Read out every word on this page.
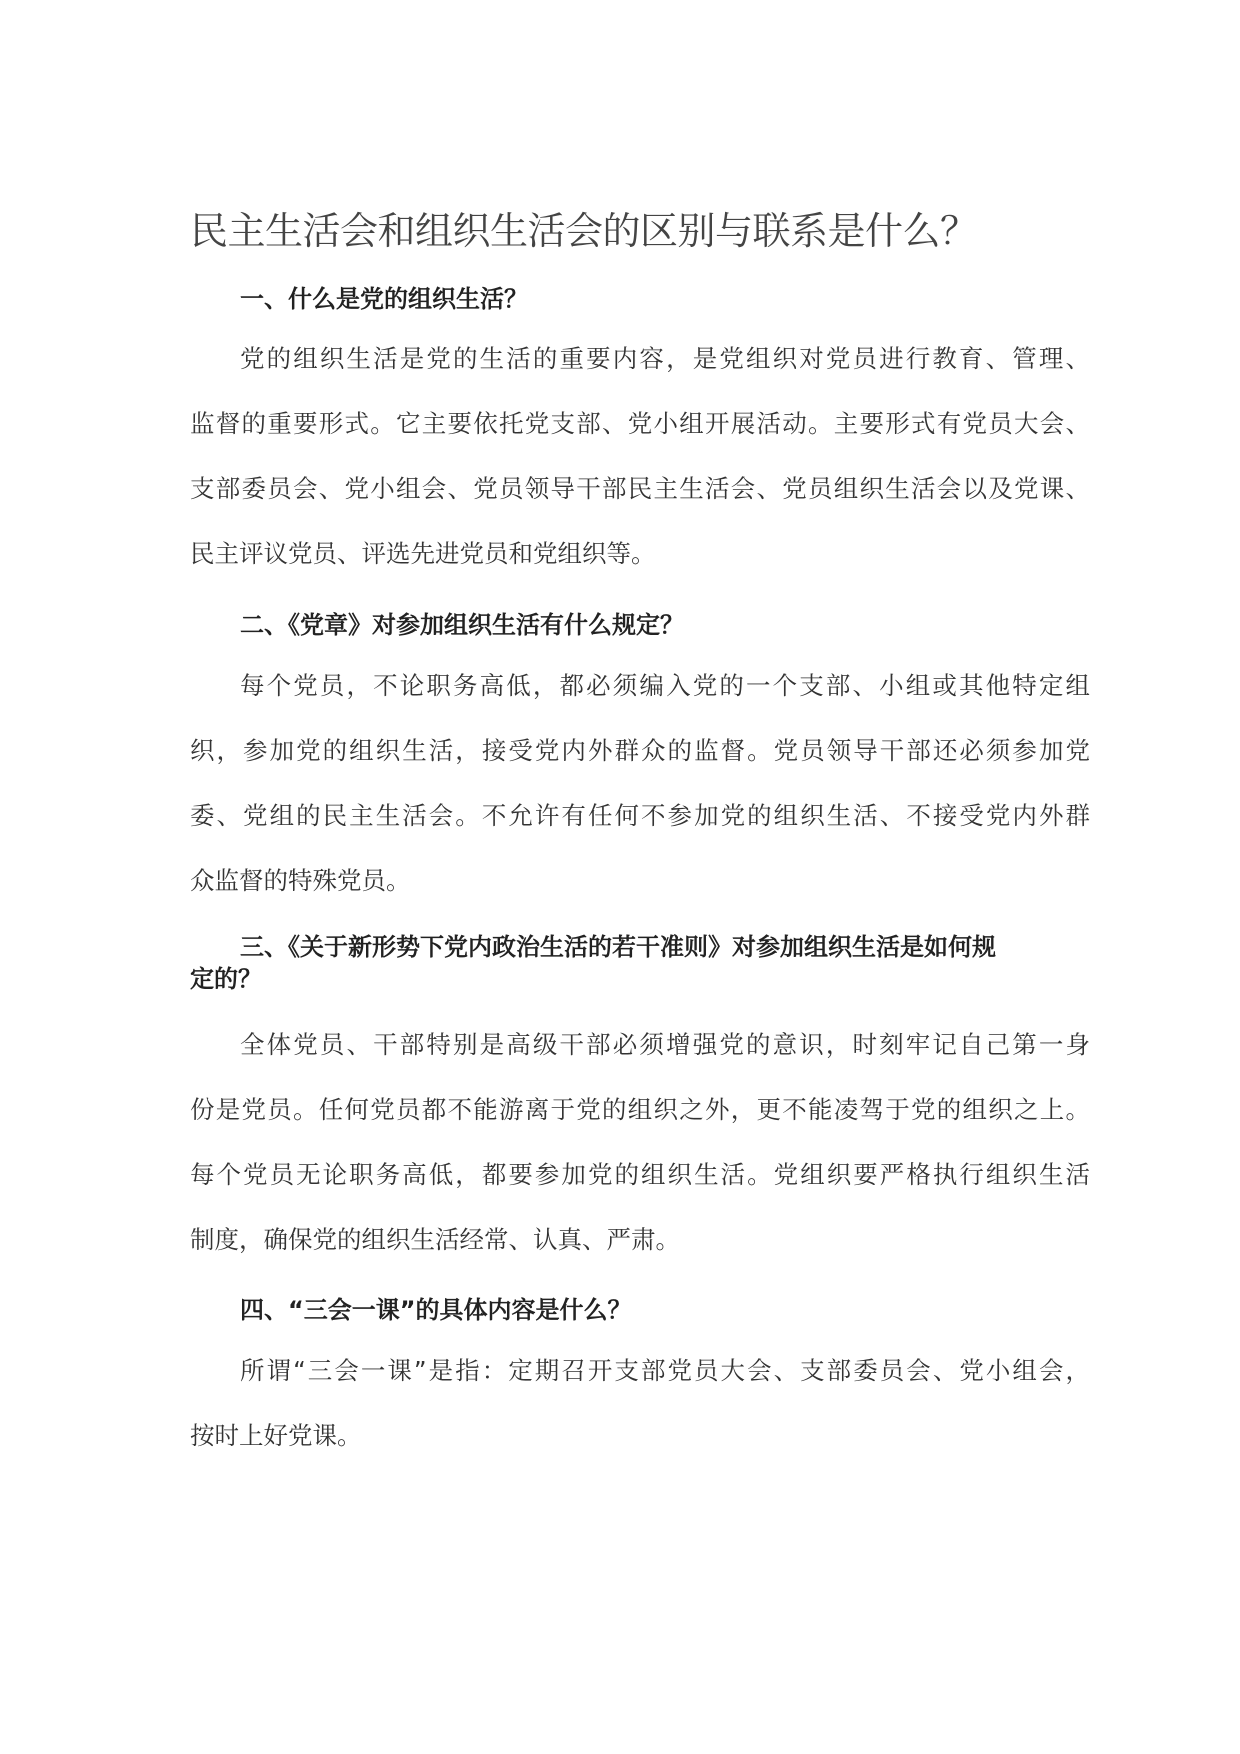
民主生活会和组织生活会的区别与联系是什么？
一、什么是党的组织生活？
党的组织生活是党的生活的重要内容，是党组织对党员进行教育、管理、
监督的重要形式。它主要依托党支部、党小组开展活动。主要形式有党员大会、
支部委员会、党小组会、党员领导干部民主生活会、党员组织生活会以及党课、
民主评议党员、评选先进党员和党组织等。
二、《党章》对参加组织生活有什么规定？
每个党员，不论职务高低，都必须编入党的一个支部、小组或其他特定组
织，参加党的组织生活，接受党内外群众的监督。党员领导干部还必须参加党
委、党组的民主生活会。不允许有任何不参加党的组织生活、不接受党内外群
众监督的特殊党员。
三、《关于新形势下党内政治生活的若干准则》对参加组织生活是如何规
定的？
全体党员、干部特别是高级干部必须增强党的意识，时刻牢记自己第一身
份是党员。任何党员都不能游离于党的组织之外，更不能凌驾于党的组织之上。
每个党员无论职务高低，都要参加党的组织生活。党组织要严格执行组织生活
制度，确保党的组织生活经常、认真、严肃。
四、“三会一课”的具体内容是什么？
所谓“三会一课”是指：定期召开支部党员大会、支部委员会、党小组会，
按时上好党课。
